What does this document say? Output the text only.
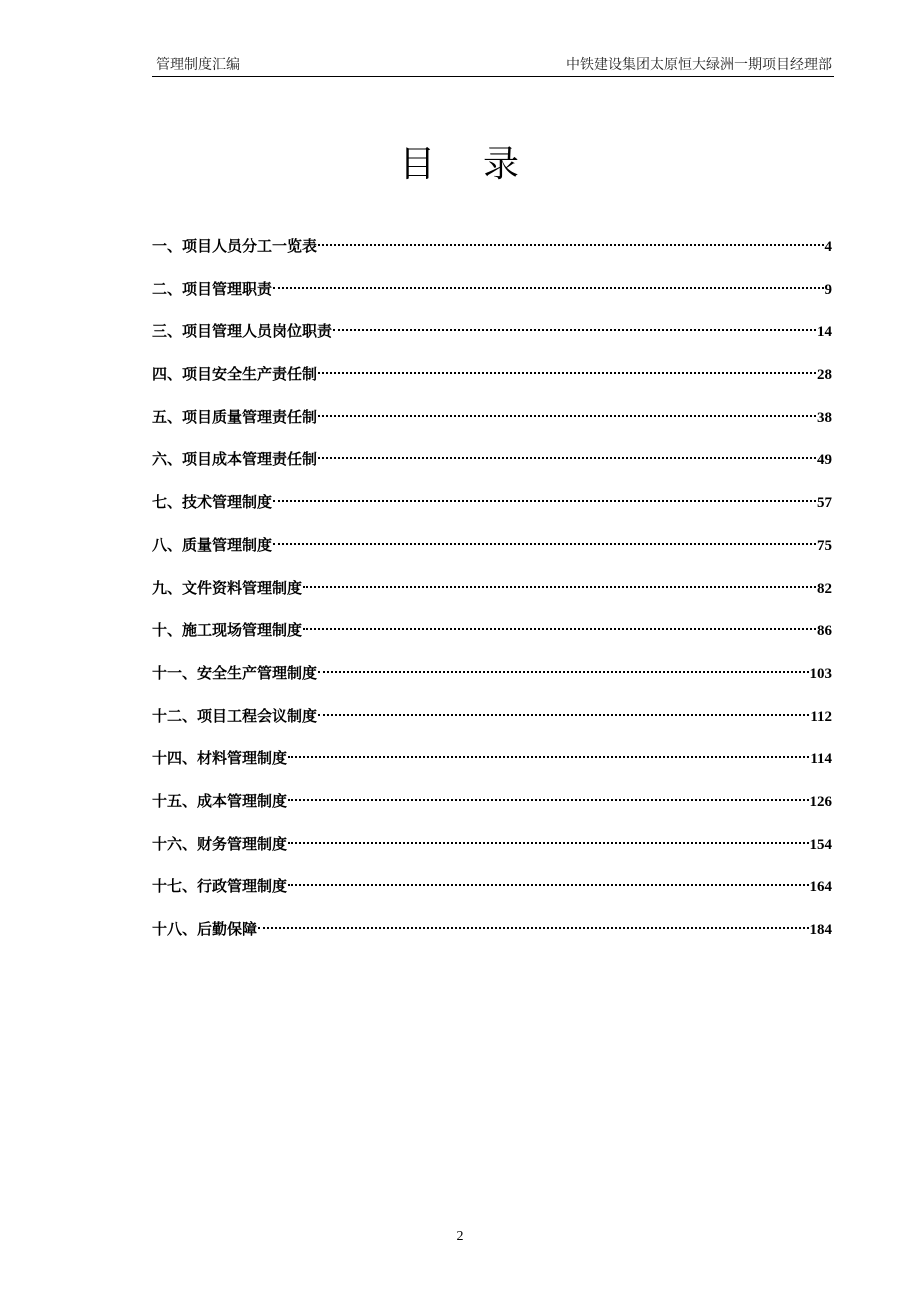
管理制度汇编	中铁建设集团太原恒大绿洲一期项目经理部
目 录
一、项目人员分工一览表	4
二、项目管理职责	9
三、项目管理人员岗位职责	14
四、项目安全生产责任制	28
五、项目质量管理责任制	38
六、项目成本管理责任制	49
七、技术管理制度	57
八、质量管理制度	75
九、文件资料管理制度	82
十、施工现场管理制度	86
十一、安全生产管理制度	103
十二、项目工程会议制度	112
十四、材料管理制度	114
十五、成本管理制度	126
十六、财务管理制度	154
十七、行政管理制度	164
十八、后勤保障	184
2
